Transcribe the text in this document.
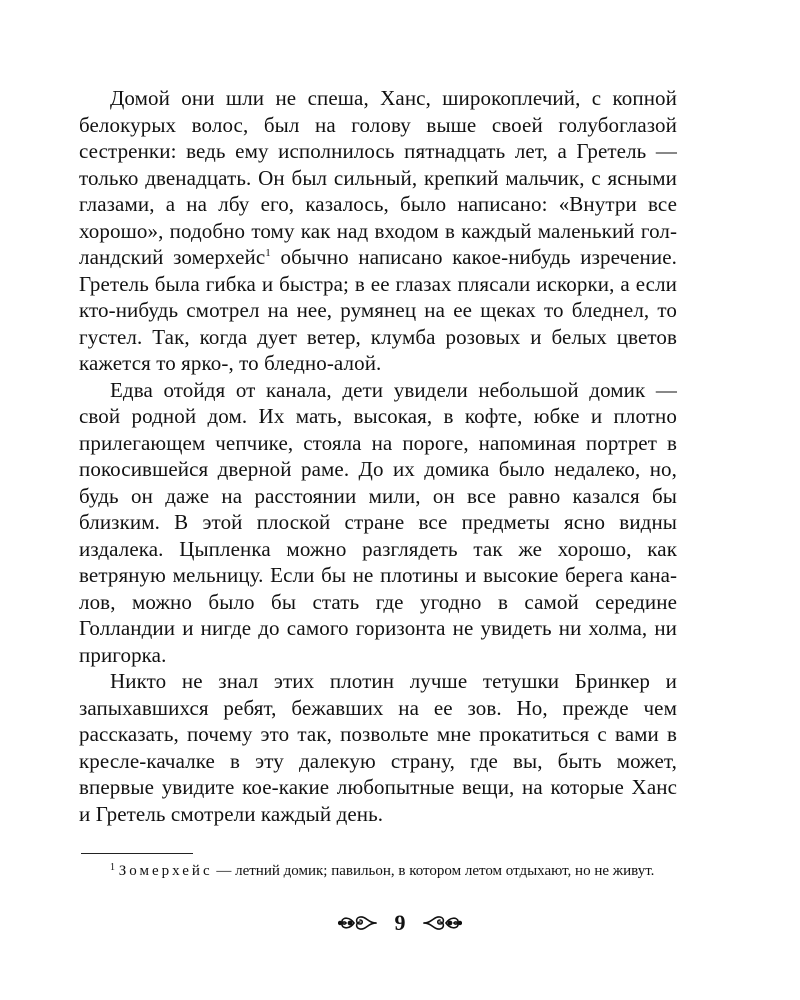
Домой они шли не спеша, Ханс, широкоплечий, с копной белокурых волос, был на голову выше своей голубоглазой сестренки: ведь ему исполнилось пятнадцать лет, а Гретель — только двенадцать. Он был сильный, крепкий мальчик, с ясными глазами, а на лбу его, казалось, было написано: «Внутри все хорошо», подобно тому как над входом в каждый маленький голландский зомерхейс$^1$ обычно написано какое-нибудь изречение. Гретель была гибка и быстра; в ее глазах плясали искорки, а если кто-нибудь смотрел на нее, румянец на ее щеках то бледнел, то густел. Так, когда дует ветер, клумба розовых и белых цветов кажется то ярко-, то бледно-алой.

Едва отойдя от канала, дети увидели небольшой домик — свой родной дом. Их мать, высокая, в кофте, юбке и плотно прилегающем чепчике, стояла на пороге, напоминая портрет в покосившейся дверной раме. До их домика было недалеко, но, будь он даже на расстоянии мили, он все равно казался бы близким. В этой плоской стране все предметы ясно видны издалека. Цыпленка можно разглядеть так же хорошо, как ветряную мельницу. Если бы не плотины и высокие берега каналов, можно было бы стать где угодно в самой середине Голландии и нигде до самого горизонта не увидеть ни холма, ни пригорка.

Никто не знал этих плотин лучше тетушки Бринкер и запыхавшихся ребят, бежавших на ее зов. Но, прежде чем рассказать, почему это так, позвольте мне прокатиться с вами в кресле-качалке в эту далекую страну, где вы, быть может, впервые увидите кое-какие любопытные вещи, на которые Ханс и Гретель смотрели каждый день.

$^1$ Зомерхейс — летний домик; павильон, в котором летом отдыхают, но не живут.
9
